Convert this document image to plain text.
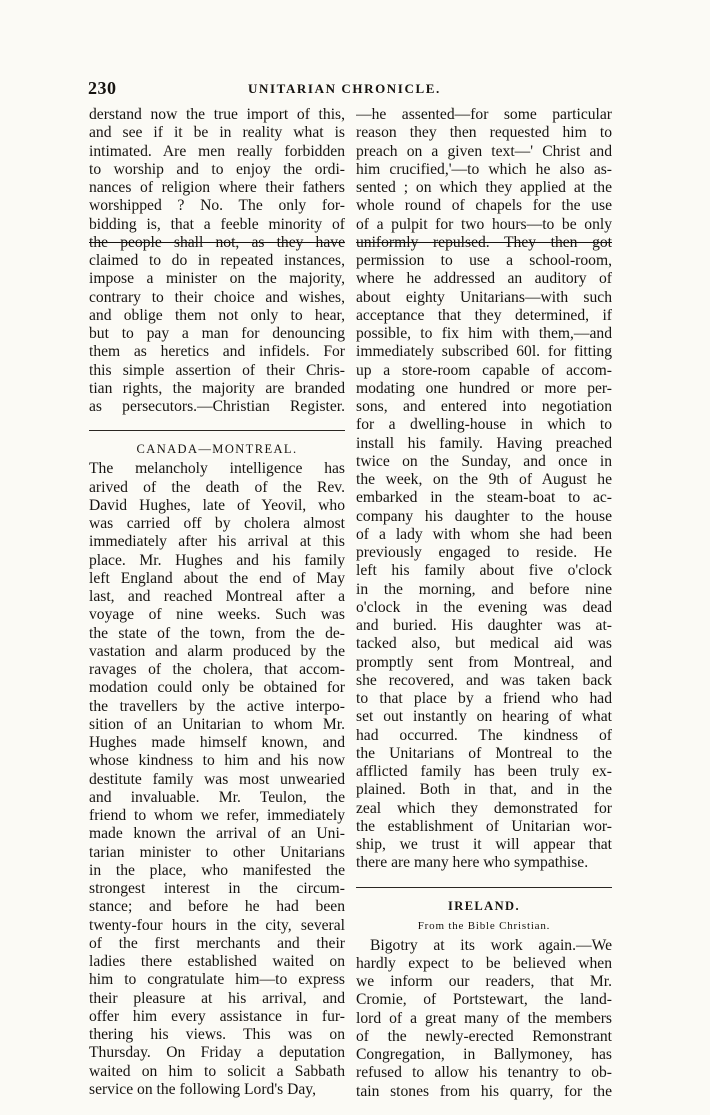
230	UNITARIAN CHRONICLE.
derstand now the true import of this,
and see if it be in reality what is
intimated. Are men really forbidden
to worship and to enjoy the ordi-
nances of religion where their fathers
worshipped ? No. The only for-
bidding is, that a feeble minority of
the people shall not, as they have
claimed to do in repeated instances,
impose a minister on the majority,
contrary to their choice and wishes,
and oblige them not only to hear,
but to pay a man for denouncing
them as heretics and infidels. For
this simple assertion of their Chris-
tian rights, the majority are branded
as persecutors.—Christian Register.
CANADA—MONTREAL.
The melancholy intelligence has
arived of the death of the Rev.
David Hughes, late of Yeovil, who
was carried off by cholera almost
immediately after his arrival at this
place. Mr. Hughes and his family
left England about the end of May
last, and reached Montreal after a
voyage of nine weeks. Such was
the state of the town, from the de-
vastation and alarm produced by the
ravages of the cholera, that accom-
modation could only be obtained for
the travellers by the active interpo-
sition of an Unitarian to whom Mr.
Hughes made himself known, and
whose kindness to him and his now
destitute family was most unwearied
and invaluable. Mr. Teulon, the
friend to whom we refer, immediately
made known the arrival of an Uni-
tarian minister to other Unitarians
in the place, who manifested the
strongest interest in the circum-
stance; and before he had been
twenty-four hours in the city, several
of the first merchants and their
ladies there established waited on
him to congratulate him—to express
their pleasure at his arrival, and
offer him every assistance in fur-
thering his views. This was on
Thursday. On Friday a deputation
waited on him to solicit a Sabbath
service on the following Lord's Day,
—he assented—for some particular
reason they then requested him to
preach on a given text—' Christ and
him crucified,'—to which he also as-
sented ; on which they applied at the
whole round of chapels for the use
of a pulpit for two hours—to be only
uniformly repulsed. They then got
permission to use a school-room,
where he addressed an auditory of
about eighty Unitarians—with such
acceptance that they determined, if
possible, to fix him with them,—and
immediately subscribed 60l. for fitting
up a store-room capable of accom-
modating one hundred or more per-
sons, and entered into negotiation
for a dwelling-house in which to
install his family. Having preached
twice on the Sunday, and once in
the week, on the 9th of August he
embarked in the steam-boat to ac-
company his daughter to the house
of a lady with whom she had been
previously engaged to reside. He
left his family about five o'clock
in the morning, and before nine
o'clock in the evening was dead
and buried. His daughter was at-
tacked also, but medical aid was
promptly sent from Montreal, and
she recovered, and was taken back
to that place by a friend who had
set out instantly on hearing of what
had occurred. The kindness of
the Unitarians of Montreal to the
afflicted family has been truly ex-
plained. Both in that, and in the
zeal which they demonstrated for
the establishment of Unitarian wor-
ship, we trust it will appear that
there are many here who sympathise.
IRELAND.
From the Bible Christian.
Bigotry at its work again.—We
hardly expect to be believed when
we inform our readers, that Mr.
Cromie, of Portstewart, the land-
lord of a great many of the members
of the newly-erected Remonstrant
Congregation, in Ballymoney, has
refused to allow his tenantry to ob-
tain stones from his quarry, for the
